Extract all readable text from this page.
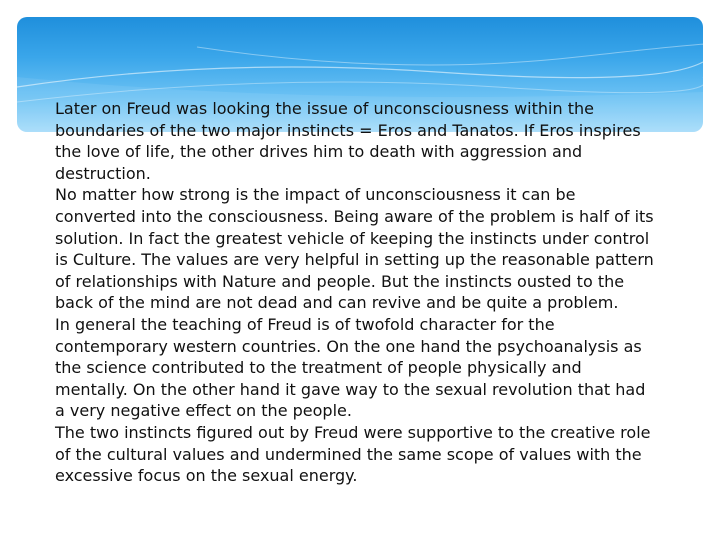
Later on Freud was looking the issue of unconsciousness within the boundaries of the two major instincts = Eros and Tanatos. If Eros inspires the love of life, the other drives him to death with aggression and destruction.

No matter how strong is the impact of unconsciousness it can be converted into the consciousness. Being aware of the problem is half of its solution. In fact the greatest vehicle of keeping the instincts under control is Culture. The values are very helpful in setting up the reasonable pattern of relationships with Nature and people. But the instincts ousted to the back of the mind are not dead and can revive and be quite a problem.

In general the teaching of Freud is of twofold character for the contemporary western countries. On the one hand the psychoanalysis as the science contributed to the treatment of people physically and mentally. On the other hand it gave way to the sexual revolution that had a very negative effect on the people.

The two instincts figured out by Freud were supportive to the creative role of the cultural values and undermined the same scope of values with the excessive focus on the sexual energy.
